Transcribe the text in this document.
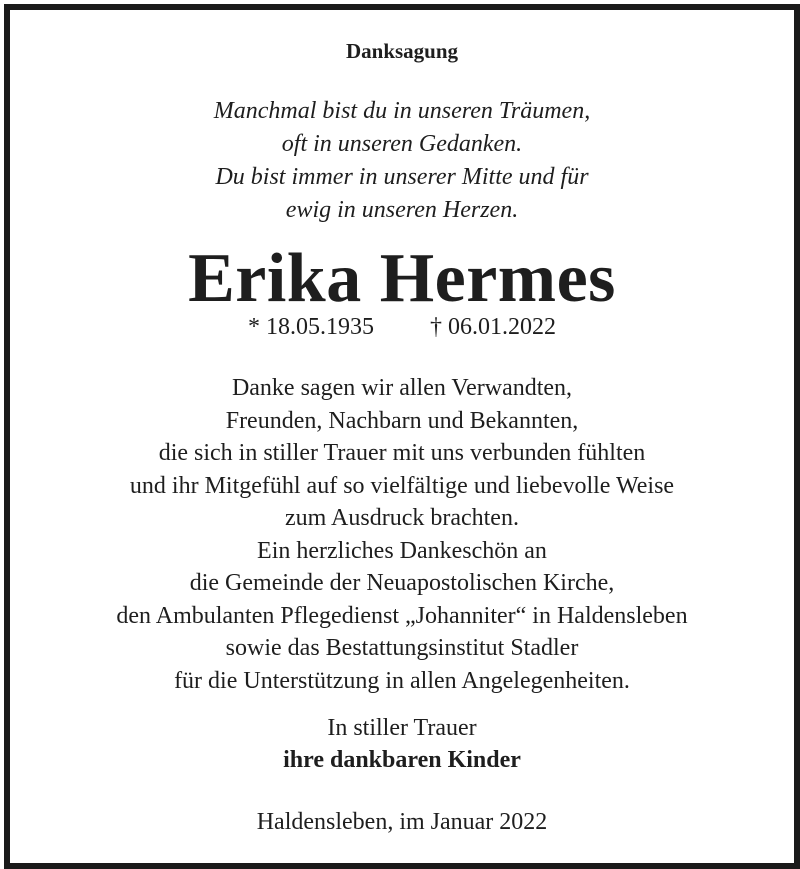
Danksagung
Manchmal bist du in unseren Träumen,
oft in unseren Gedanken.
Du bist immer in unserer Mitte und für
ewig in unseren Herzen.
Erika Hermes
* 18.05.1935 † 06.01.2022
Danke sagen wir allen Verwandten,
Freunden, Nachbarn und Bekannten,
die sich in stiller Trauer mit uns verbunden fühlten
und ihr Mitgefühl auf so vielfältige und liebevolle Weise
zum Ausdruck brachten.
Ein herzliches Dankeschön an
die Gemeinde der Neuapostolischen Kirche,
den Ambulanten Pflegedienst „Johanniter“ in Haldensleben
sowie das Bestattungsinstitut Stadler
für die Unterstützung in allen Angelegenheiten.
In stiller Trauer
ihre dankbaren Kinder
Haldensleben, im Januar 2022
